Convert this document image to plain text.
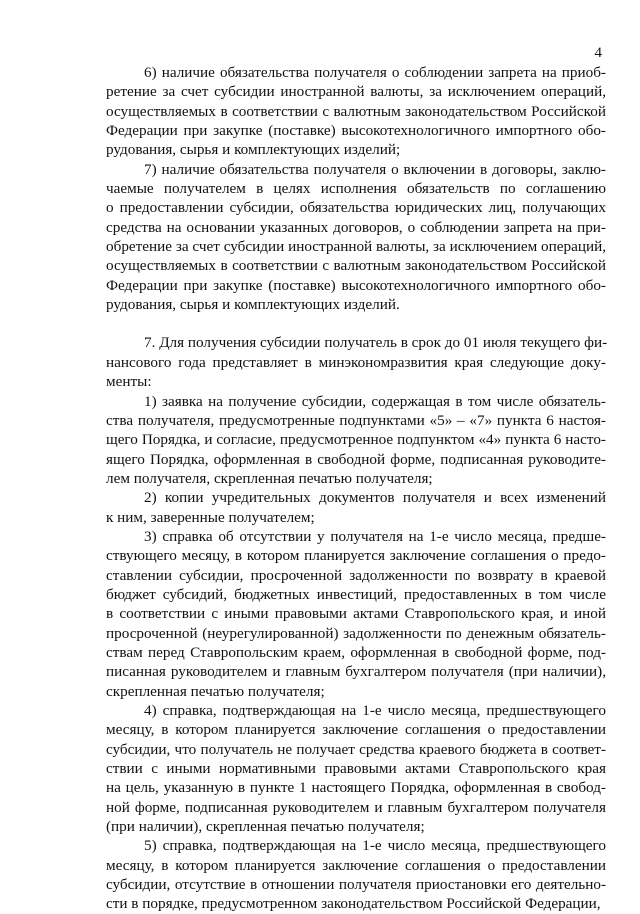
4

6) наличие обязательства получателя о соблюдении запрета на приоб-
ретение за счет субсидии иностранной валюты, за исключением операций,
осуществляемых в соответствии с валютным законодательством Российской
Федерации при закупке (поставке) высокотехнологичного импортного обо-
рудования, сырья и комплектующих изделий;

7) наличие обязательства получателя о включении в договоры, заклю-
чаемые получателем в целях исполнения обязательств по соглашению
о предоставлении субсидии, обязательства юридических лиц, получающих
средства на основании указанных договоров, о соблюдении запрета на при-
обретение за счет субсидии иностранной валюты, за исключением операций,
осуществляемых в соответствии с валютным законодательством Российской
Федерации при закупке (поставке) высокотехнологичного импортного обо-
рудования, сырья и комплектующих изделий.

7. Для получения субсидии получатель в срок до 01 июля текущего фи-
нансового года представляет в минэкономразвития края следующие доку-
менты:

1) заявка на получение субсидии, содержащая в том числе обязатель-
ства получателя, предусмотренные подпунктами «5» – «7» пункта 6 настоя-
щего Порядка, и согласие, предусмотренное подпунктом «4» пункта 6 насто-
ящего Порядка, оформленная в свободной форме, подписанная руководите-
лем получателя, скрепленная печатью получателя;

2) копии учредительных документов получателя и всех изменений
к ним, заверенные получателем;

3) справка об отсутствии у получателя на 1-е число месяца, предше-
ствующего месяцу, в котором планируется заключение соглашения о предо-
ставлении субсидии, просроченной задолженности по возврату в краевой
бюджет субсидий, бюджетных инвестиций, предоставленных в том числе
в соответствии с иными правовыми актами Ставропольского края, и иной
просроченной (неурегулированной) задолженности по денежным обязатель-
ствам перед Ставропольским краем, оформленная в свободной форме, под-
писанная руководителем и главным бухгалтером получателя (при наличии),
скрепленная печатью получателя;

4) справка, подтверждающая на 1-е число месяца, предшествующего
месяцу, в котором планируется заключение соглашения о предоставлении
субсидии, что получатель не получает средства краевого бюджета в соответ-
ствии с иными нормативными правовыми актами Ставропольского края
на цель, указанную в пункте 1 настоящего Порядка, оформленная в свобод-
ной форме, подписанная руководителем и главным бухгалтером получателя
(при наличии), скрепленная печатью получателя;

5) справка, подтверждающая на 1-е число месяца, предшествующего
месяцу, в котором планируется заключение соглашения о предоставлении
субсидии, отсутствие в отношении получателя приостановки его деятельно-
сти в порядке, предусмотренном законодательством Российской Федерации,
